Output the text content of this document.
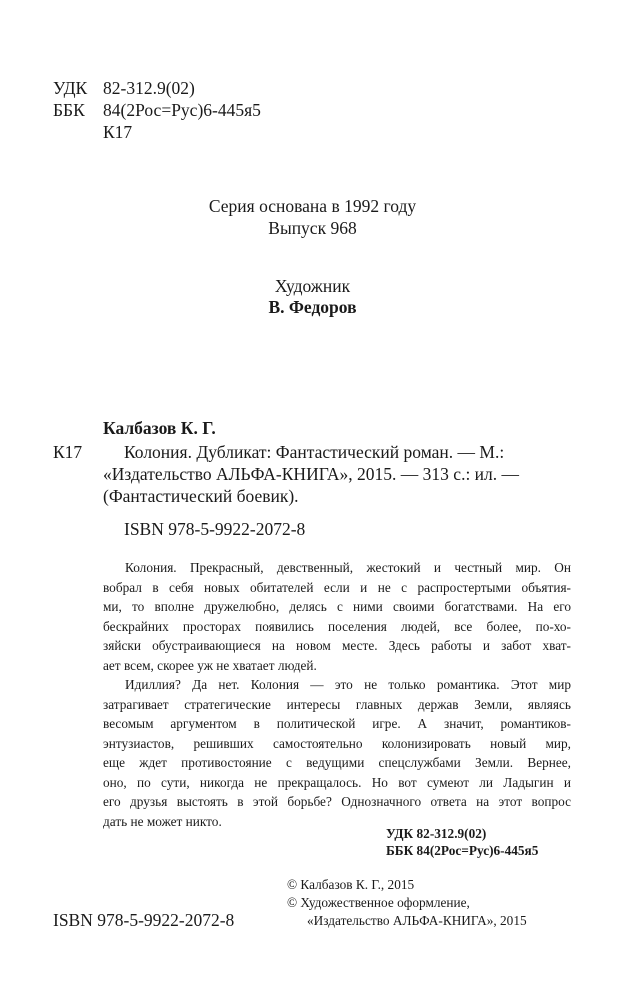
УДК 82-312.9(02)
ББК 84(2Рос=Рус)6-445я5
К17
Серия основана в 1992 году
Выпуск 968
Художник
В. Федоров
Калбазов К. Г.
К17 Колония. Дубликат: Фантастический роман. — М.:
«Издательство АЛЬФА-КНИГА», 2015. — 313 с.: ил. —
(Фантастический боевик).
ISBN 978-5-9922-2072-8
Колония. Прекрасный, девственный, жестокий и честный мир. Он
вобрал в себя новых обитателей если и не с распростертыми объятия-
ми, то вполне дружелюбно, делясь с ними своими богатствами. На его
бескрайних просторах появились поселения людей, все более, по-хо-
зяйски обустраивающиеся на новом месте. Здесь работы и забот хват-
ает всем, скорее уж не хватает людей.
Идиллия? Да нет. Колония — это не только романтика. Этот мир
затрагивает стратегические интересы главных держав Земли, являясь
весомым аргументом в политической игре. А значит, романтиков-
энтузиастов, решивших самостоятельно колонизировать новый мир,
еще ждет противостояние с ведущими спецслужбами Земли. Вернее,
оно, по сути, никогда не прекращалось. Но вот сумеют ли Ладыгин и
его друзья выстоять в этой борьбе? Однозначного ответа на этот вопрос
дать не может никто.
УДК 82-312.9(02)
ББК 84(2Рос=Рус)6-445я5
© Калбазов К. Г., 2015
© Художественное оформление,
«Издательство АЛЬФА-КНИГА», 2015
ISBN 978-5-9922-2072-8
